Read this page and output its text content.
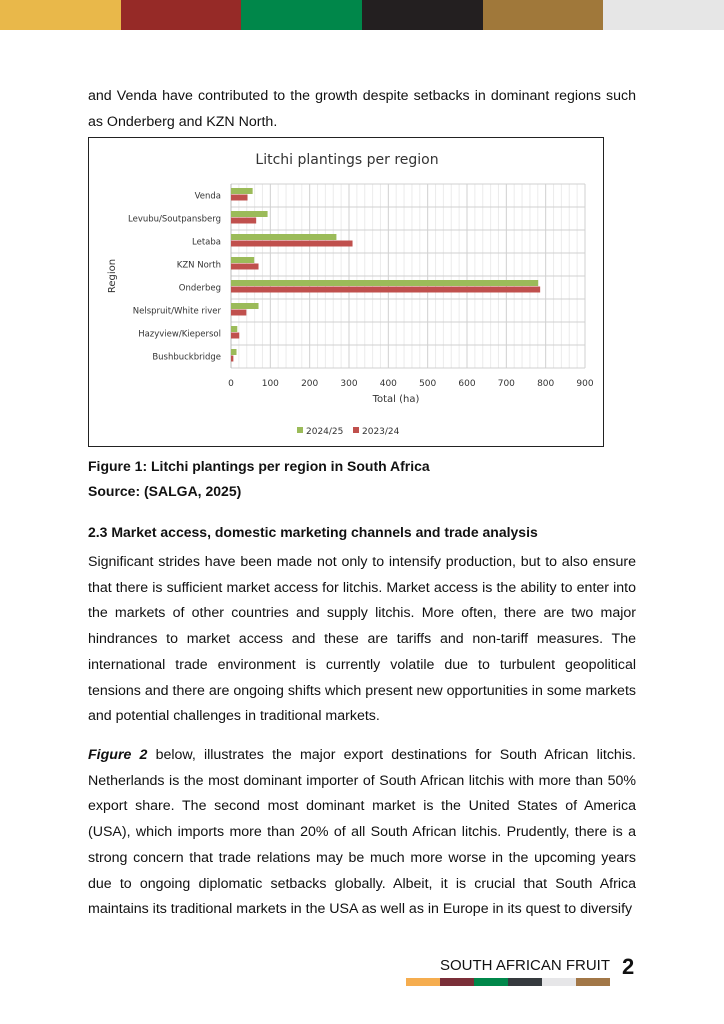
and Venda have contributed to the growth despite setbacks in dominant regions such as Onderberg and KZN North.
Litchi plantings per region
0	100 200 300 400 500 600 700 800 900
Venda
Levubu/Soutpansberg
Letaba
KZN North
Onderbeg
Nelspruit/White river
Hazyview/Kiepersol
Bushbuckbridge
Total (ha)
Region
2024/25 2023/24
Figure 1: Litchi plantings per region in South Africa
Source: (SALGA, 2025)
2.3 Market access, domestic marketing channels and trade analysis
Significant strides have been made not only to intensify production, but to also ensure that there is sufficient market access for litchis. Market access is the ability to enter into the markets of other countries and supply litchis. More often, there are two major hindrances to market access and these are tariffs and non-tariff measures. The international trade environment is currently volatile due to turbulent geopolitical tensions and there are ongoing shifts which present new opportunities in some markets and potential challenges in traditional markets.
Figure 2 below, illustrates the major export destinations for South African litchis. Netherlands is the most dominant importer of South African litchis with more than 50% export share. The second most dominant market is the United States of America (USA), which imports more than 20% of all South African litchis. Prudently, there is a strong concern that trade relations may be much more worse in the upcoming years due to ongoing diplomatic setbacks globally. Albeit, it is crucial that South Africa maintains its traditional markets in the USA as well as in Europe in its quest to diversify
SOUTH AFRICAN FRUIT 2
